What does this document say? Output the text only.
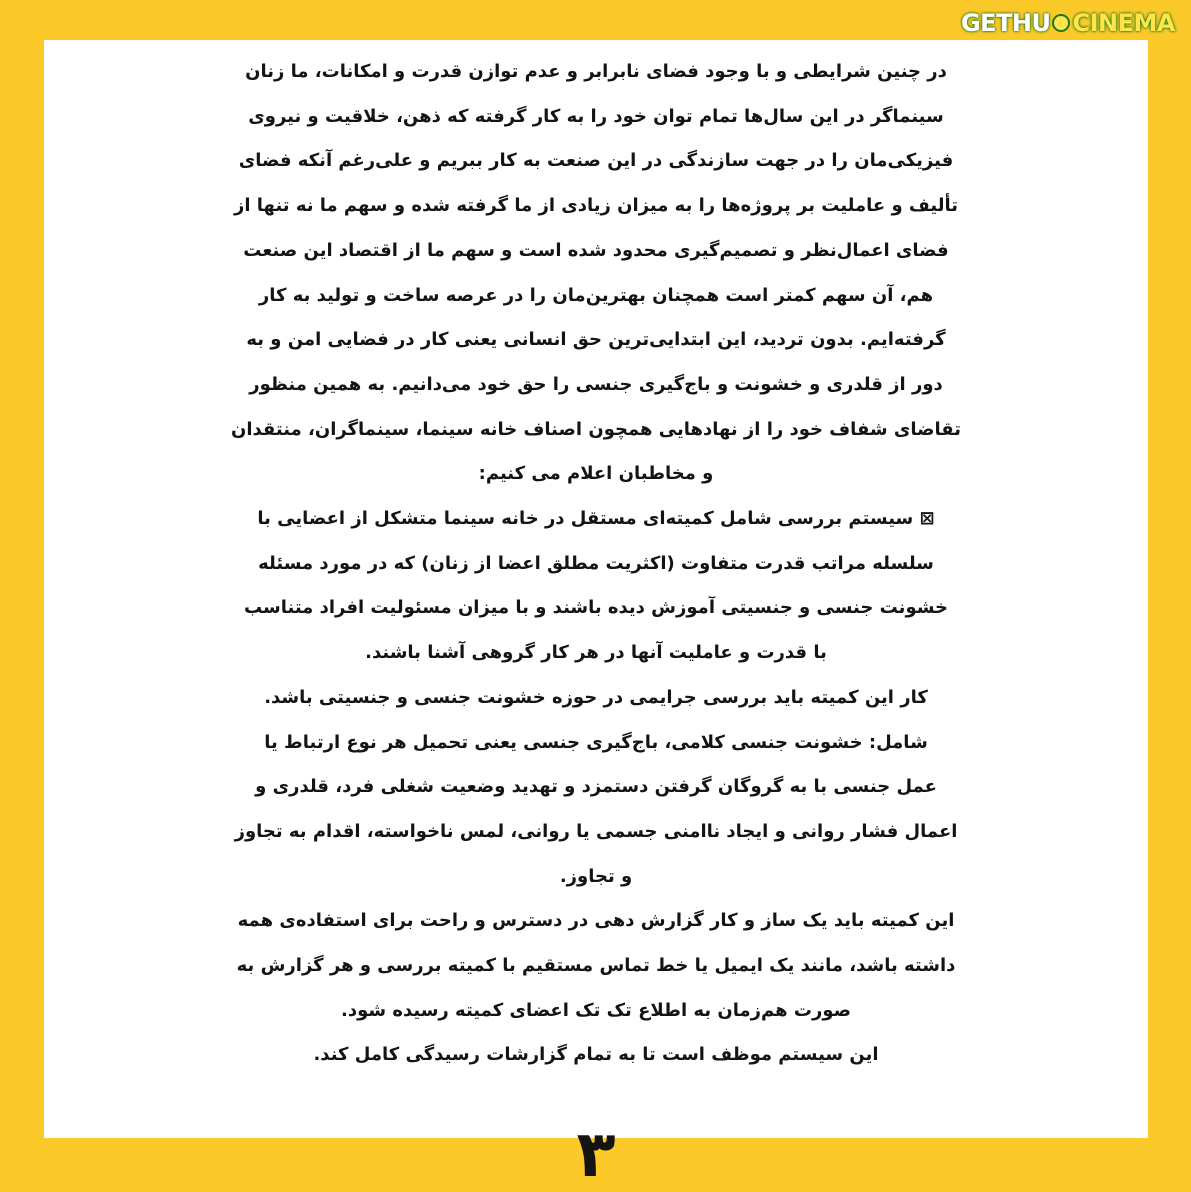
GETHU CINEMA
در چنین شرایطی و با وجود فضای نابرابر و عدم توازن قدرت و امکانات، ما زنان
سینماگر در این سال‌ها تمام توان خود را به کار گرفته که ذهن، خلاقیت و نیروی
فیزیکی‌مان را در جهت سازندگی در این صنعت به کار ببریم و علی‌رغم آنکه فضای
تألیف و عاملیت بر پروژه‌ها را به میزان زیادی از ما گرفته شده و سهم ما نه تنها از
فضای اعمال‌نظر و تصمیم‌گیری محدود شده است و سهم ما از اقتصاد این صنعت
هم، آن سهم کمتر است همچنان بهترین‌مان را در عرصه ساخت و تولید به کار
گرفته‌ایم. بدون تردید، این ابتدایی‌ترین حق انسانی یعنی کار در فضایی امن و به
دور از قلدری و خشونت و باج‌گیری جنسی را حق خود می‌دانیم. به همین منظور
تقاضای شفاف خود را از نهادهایی همچون اصناف خانه سینما، سینماگران، منتقدان
و مخاطبان اعلام می کنیم:
⊠ سیستم بررسی شامل کمیته‌ای مستقل در خانه سینما متشکل از اعضایی با
سلسله مراتب قدرت متفاوت (اکثریت مطلق اعضا از زنان) که در مورد مسئله
خشونت جنسی و جنسیتی آموزش دیده باشند و با میزان مسئولیت افراد متناسب
با قدرت و عاملیت آنها در هر کار گروهی آشنا باشند.
کار این کمیته باید بررسی جرایمی در حوزه خشونت جنسی و جنسیتی باشد.
شامل: خشونت جنسی کلامی، باج‌گیری جنسی یعنی تحمیل هر نوع ارتباط یا
عمل جنسی با به گروگان گرفتن دستمزد و تهدید وضعیت شغلی فرد، قلدری و
اعمال فشار روانی و ایجاد ناامنی جسمی یا روانی، لمس ناخواسته، اقدام به تجاوز
و تجاوز.
این کمیته باید یک ساز و کار گزارش دهی در دسترس و راحت برای استفاده‌ی همه
داشته باشد، مانند یک ایمیل یا خط تماس مستقیم با کمیته بررسی و هر گزارش به
صورت هم‌زمان به اطلاع تک تک اعضای کمیته رسیده شود.
این سیستم موظف است تا به تمام گزارشات رسیدگی کامل کند.
۳
